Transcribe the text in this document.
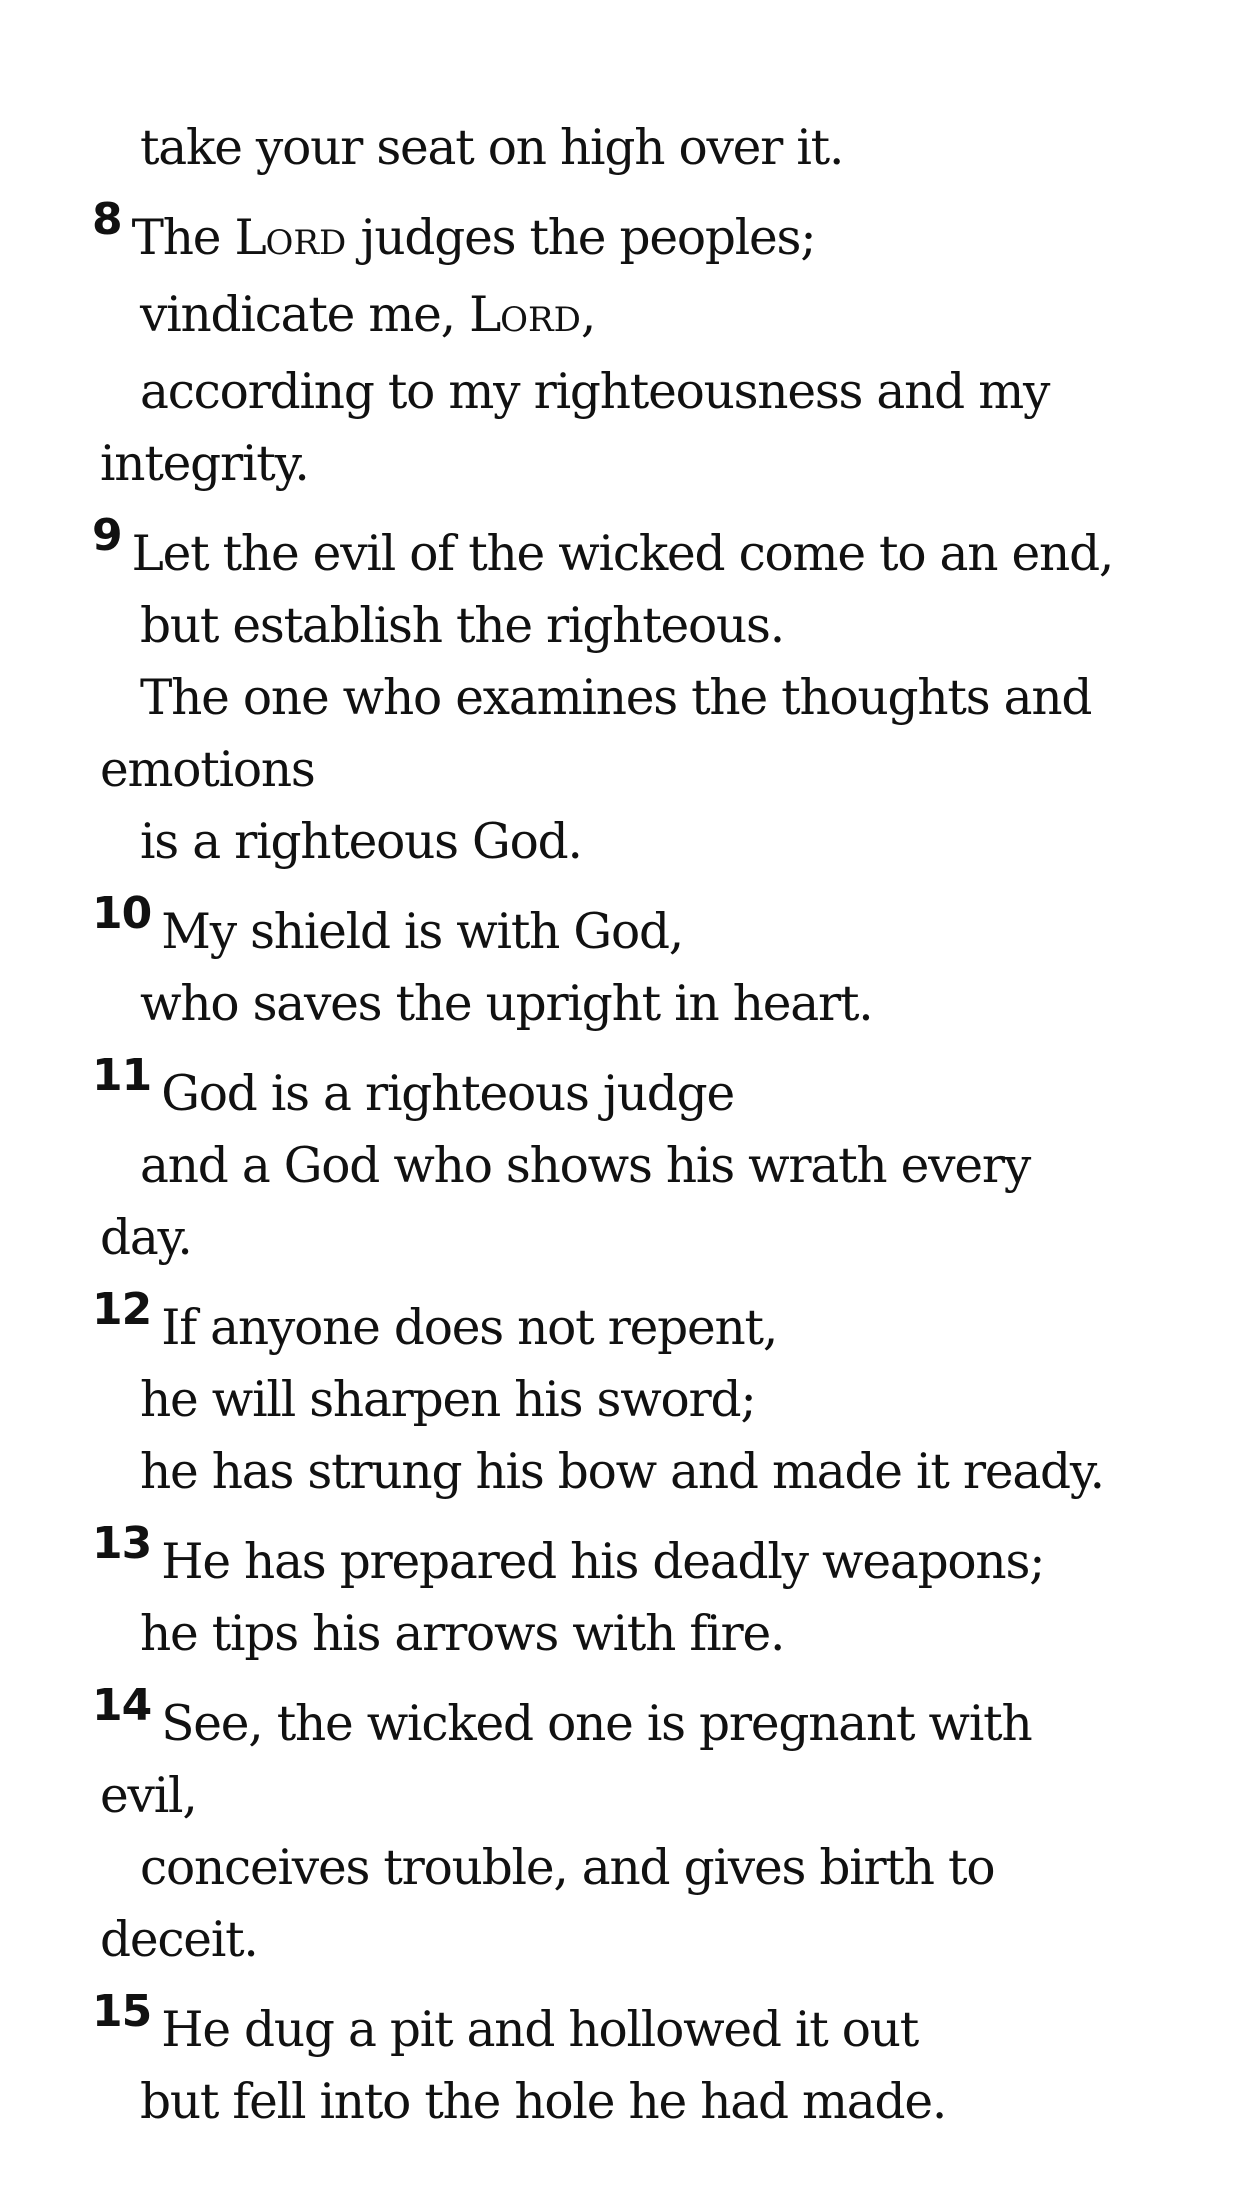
take your seat on high over it.
8 The LORD judges the peoples;
vindicate me, LORD,
according to my righteousness and my
integrity.
9 Let the evil of the wicked come to an end,
but establish the righteous.
The one who examines the thoughts and
emotions
is a righteous God.
10 My shield is with God,
who saves the upright in heart.
11 God is a righteous judge
and a God who shows his wrath every
day.
12 If anyone does not repent,
he will sharpen his sword;
he has strung his bow and made it ready.
13 He has prepared his deadly weapons;
he tips his arrows with fire.
14 See, the wicked one is pregnant with
evil,
conceives trouble, and gives birth to
deceit.
15 He dug a pit and hollowed it out
but fell into the hole he had made.
